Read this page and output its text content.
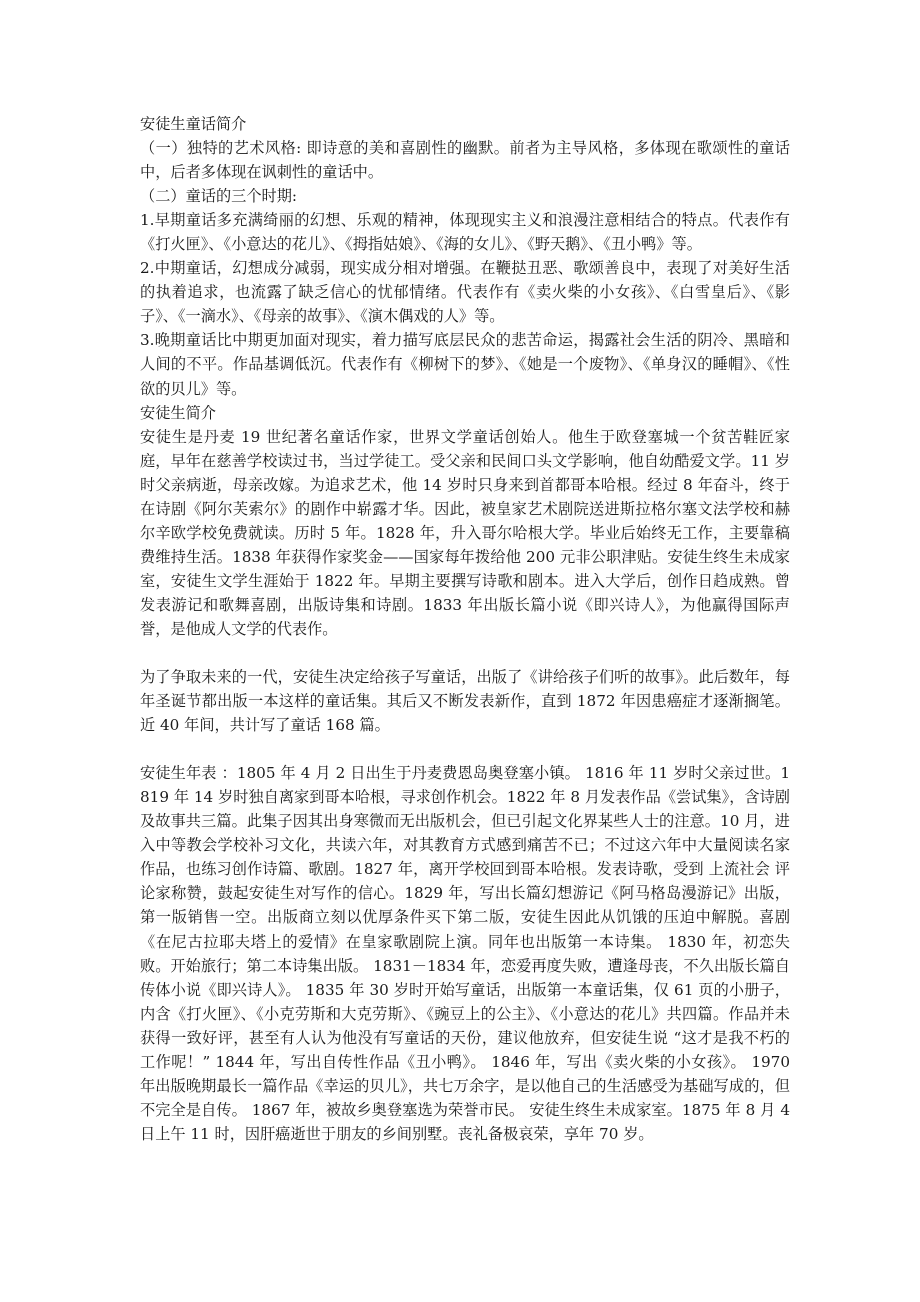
安徒生童话简介

（一）独特的艺术风格: 即诗意的美和喜剧性的幽默。前者为主导风格，多体现在歌颂性的童话中，后者多体现在讽刺性的童话中。

（二）童话的三个时期:

1.早期童话多充满绮丽的幻想、乐观的精神，体现现实主义和浪漫注意相结合的特点。代表作有《打火匣》、《小意达的花儿》、《拇指姑娘》、《海的女儿》、《野天鹅》、《丑小鸭》等。

2.中期童话，幻想成分减弱，现实成分相对增强。在鞭挞丑恶、歌颂善良中，表现了对美好生活的执着追求，也流露了缺乏信心的忧郁情绪。代表作有《卖火柴的小女孩》、《白雪皇后》、《影子》、《一滴水》、《母亲的故事》、《演木偶戏的人》等。

3.晚期童话比中期更加面对现实，着力描写底层民众的悲苦命运，揭露社会生活的阴冷、黑暗和人间的不平。作品基调低沉。代表作有《柳树下的梦》、《她是一个废物》、《单身汉的睡帽》、《性欲的贝儿》等。

安徒生简介

安徒生是丹麦 19 世纪著名童话作家，世界文学童话创始人。他生于欧登塞城一个贫苦鞋匠家庭，早年在慈善学校读过书，当过学徒工。受父亲和民间口头文学影响，他自幼酷爱文学。11 岁时父亲病逝，母亲改嫁。为追求艺术，他 14 岁时只身来到首都哥本哈根。经过 8 年奋斗，终于在诗剧《阿尔芙索尔》的剧作中崭露才华。因此，被皇家艺术剧院送进斯拉格尔塞文法学校和赫尔辛欧学校免费就读。历时 5 年。1828 年，升入哥尔哈根大学。毕业后始终无工作，主要靠稿费维持生活。1838 年获得作家奖金——国家每年拨给他 200 元非公职津贴。安徒生终生未成家室，安徒生文学生涯始于 1822 年。早期主要撰写诗歌和剧本。进入大学后，创作日趋成熟。曾发表游记和歌舞喜剧，出版诗集和诗剧。1833 年出版长篇小说《即兴诗人》，为他赢得国际声誉，是他成人文学的代表作。

为了争取未来的一代，安徒生决定给孩子写童话，出版了《讲给孩子们听的故事》。此后数年，每年圣诞节都出版一本这样的童话集。其后又不断发表新作，直到 1872 年因患癌症才逐渐搁笔。近 40 年间，共计写了童话 168 篇。

安徒生年表 ：1805 年 4 月 2 日出生于丹麦费恩岛奥登塞小镇。 1816 年 11 岁时父亲过世。1819 年 14 岁时独自离家到哥本哈根，寻求创作机会。1822 年 8 月发表作品《尝试集》，含诗剧及故事共三篇。此集子因其出身寒微而无出版机会，但已引起文化界某些人士的注意。10 月，进入中等教会学校补习文化，共读六年，对其教育方式感到痛苦不已；不过这六年中大量阅读名家作品，也练习创作诗篇、歌剧。1827 年，离开学校回到哥本哈根。发表诗歌，受到 上流社会 评论家称赞，鼓起安徒生对写作的信心。1829 年，写出长篇幻想游记《阿马格岛漫游记》出版，第一版销售一空。出版商立刻以优厚条件买下第二版，安徒生因此从饥饿的压迫中解脱。喜剧《在尼古拉耶夫塔上的爱情》在皇家歌剧院上演。同年也出版第一本诗集。 1830 年，初恋失败。开始旅行；第二本诗集出版。 1831－1834 年，恋爱再度失败，遭逢母丧，不久出版长篇自传体小说《即兴诗人》。 1835 年 30 岁时开始写童话，出版第一本童话集，仅 61 页的小册子，内含《打火匣》、《小克劳斯和大克劳斯》、《豌豆上的公主》、《小意达的花儿》共四篇。作品并未获得一致好评，甚至有人认为他没有写童话的天份，建议他放弃，但安徒生说 “这才是我不朽的工作呢！” 1844 年，写出自传性作品《丑小鸭》。 1846 年，写出《卖火柴的小女孩》。 1970 年出版晚期最长一篇作品《幸运的贝儿》，共七万余字，是以他自己的生活感受为基础写成的，但不完全是自传。 1867 年，被故乡奥登塞选为荣誉市民。 安徒生终生未成家室。1875 年 8 月 4 日上午 11 时，因肝癌逝世于朋友的乡间别墅。丧礼备极哀荣，享年 70 岁。
